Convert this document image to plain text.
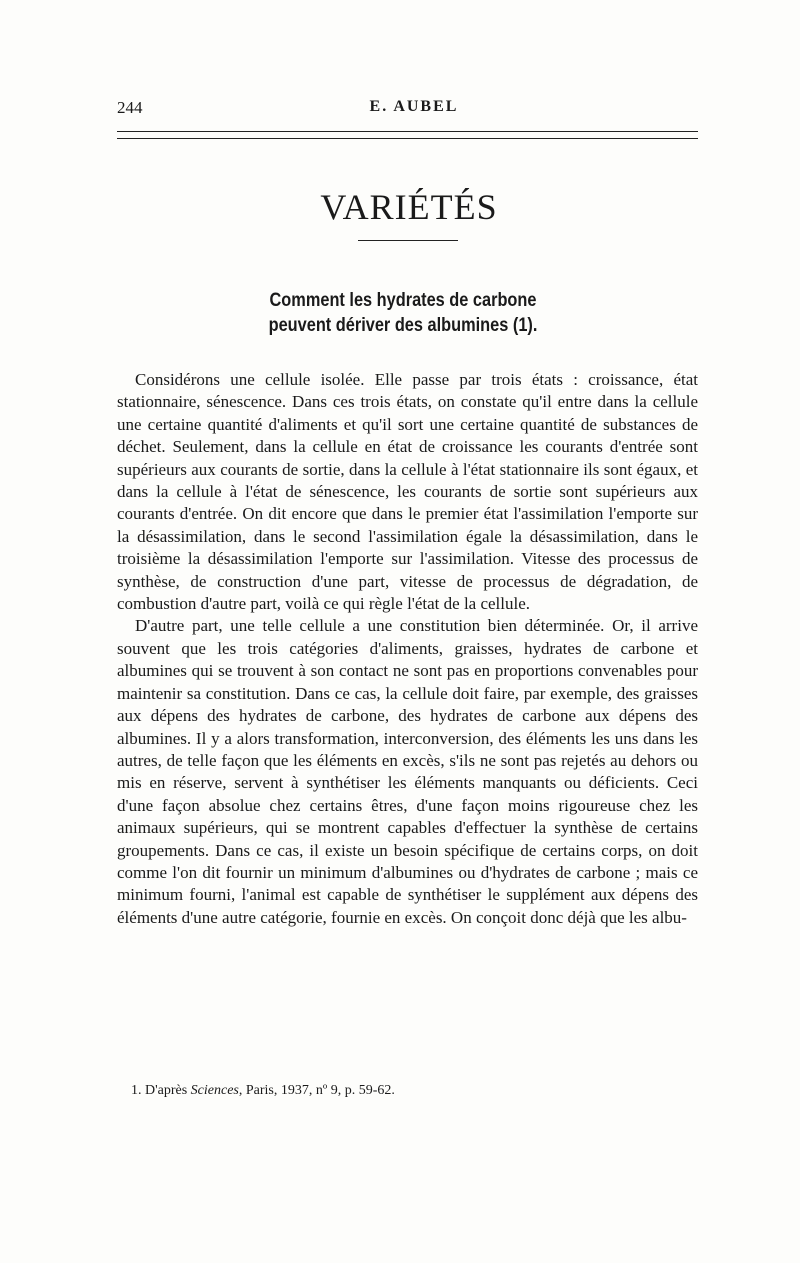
244	E. AUBEL
VARIÉTÉS
Comment les hydrates de carbone
peuvent dériver des albumines (1).

Considérons une cellule isolée. Elle passe par trois états : croissance, état stationnaire, sénescence. Dans ces trois états, on constate qu'il entre dans la cellule une certaine quantité d'aliments et qu'il sort une certaine quantité de substances de déchet. Seulement, dans la cellule en état de croissance les courants d'entrée sont supérieurs aux courants de sortie, dans la cellule à l'état stationnaire ils sont égaux, et dans la cellule à l'état de sénescence, les courants de sortie sont supérieurs aux courants d'entrée. On dit encore que dans le premier état l'assimilation l'emporte sur la désassimilation, dans le second l'assimilation égale la désassimilation, dans le troisième la désassimilation l'emporte sur l'assimilation. Vitesse des processus de synthèse, de construction d'une part, vitesse de processus de dégradation, de combustion d'autre part, voilà ce qui règle l'état de la cellule.

D'autre part, une telle cellule a une constitution bien déterminée. Or, il arrive souvent que les trois catégories d'aliments, graisses, hydrates de carbone et albumines qui se trouvent à son contact ne sont pas en proportions convenables pour maintenir sa constitution. Dans ce cas, la cellule doit faire, par exemple, des graisses aux dépens des hydrates de carbone, des hydrates de carbone aux dépens des albumines. Il y a alors transformation, interconversion, des éléments les uns dans les autres, de telle façon que les éléments en excès, s'ils ne sont pas rejetés au dehors ou mis en réserve, servent à synthétiser les éléments manquants ou déficients. Ceci d'une façon absolue chez certains êtres, d'une façon moins rigoureuse chez les animaux supérieurs, qui se montrent capables d'effectuer la synthèse de certains groupements. Dans ce cas, il existe un besoin spécifique de certains corps, on doit comme l'on dit fournir un minimum d'albumines ou d'hydrates de carbone ; mais ce minimum fourni, l'animal est capable de synthétiser le supplément aux dépens des éléments d'une autre catégorie, fournie en excès. On conçoit donc déjà que les albu-

1. D'après Sciences, Paris, 1937, nº 9, p. 59-62.
